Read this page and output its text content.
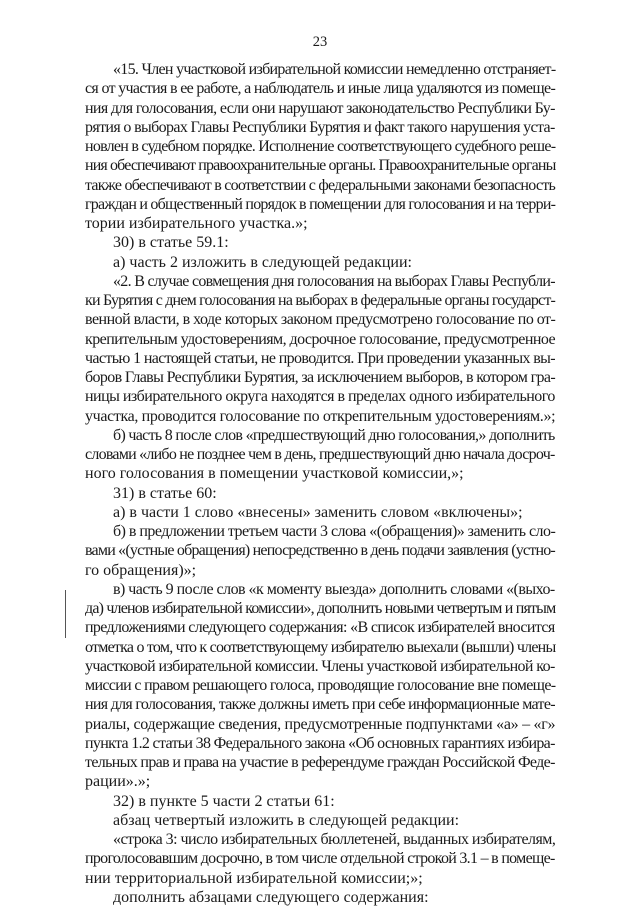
23
«15. Член участковой избирательной комиссии немедленно отстраняет-
ся от участия в ее работе, а наблюдатель и иные лица удаляются из помеще-
ния для голосования, если они нарушают законодательство Республики Бу-
рятия о выборах Главы Республики Бурятия и факт такого нарушения уста-
новлен в судебном порядке. Исполнение соответствующего судебного реше-
ния обеспечивают правоохранительные органы. Правоохранительные органы
также обеспечивают в соответствии с федеральными законами безопасность
граждан и общественный порядок в помещении для голосования и на терри-
тории избирательного участка.»;
30) в статье 59.1:
а) часть 2 изложить в следующей редакции:
«2. В случае совмещения дня голосования на выборах Главы Республи-
ки Бурятия с днем голосования на выборах в федеральные органы государст-
венной власти, в ходе которых законом предусмотрено голосование по от-
крепительным удостоверениям, досрочное голосование, предусмотренное
частью 1 настоящей статьи, не проводится. При проведении указанных вы-
боров Главы Республики Бурятия, за исключением выборов, в котором гра-
ницы избирательного округа находятся в пределах одного избирательного
участка, проводится голосование по открепительным удостоверениям.»;
б) часть 8 после слов «предшествующий дню голосования,» дополнить
словами «либо не позднее чем в день, предшествующий дню начала досроч-
ного голосования в помещении участковой комиссии,»;
31) в статье 60:
а) в части 1 слово «внесены» заменить словом «включены»;
б) в предложении третьем части 3 слова «(обращения)» заменить сло-
вами «(устные обращения) непосредственно в день подачи заявления (устно-
го обращения)»;
в) часть 9 после слов «к моменту выезда» дополнить словами «(выхо-
да) членов избирательной комиссии», дополнить новыми четвертым и пятым
предложениями следующего содержания: «В список избирателей вносится
отметка о том, что к соответствующему избирателю выехали (вышли) члены
участковой избирательной комиссии. Члены участковой избирательной ко-
миссии с правом решающего голоса, проводящие голосование вне помеще-
ния для голосования, также должны иметь при себе информационные мате-
риалы, содержащие сведения, предусмотренные подпунктами «а» – «г»
пункта 1.2 статьи 38 Федерального закона «Об основных гарантиях избира-
тельных прав и права на участие в референдуме граждан Российской Феде-
рации».»;
32) в пункте 5 части 2 статьи 61:
абзац четвертый изложить в следующей редакции:
«строка 3: число избирательных бюллетеней, выданных избирателям,
проголосовавшим досрочно, в том числе отдельной строкой 3.1 – в помеще-
нии территориальной избирательной комиссии;»;
дополнить абзацами следующего содержания:
